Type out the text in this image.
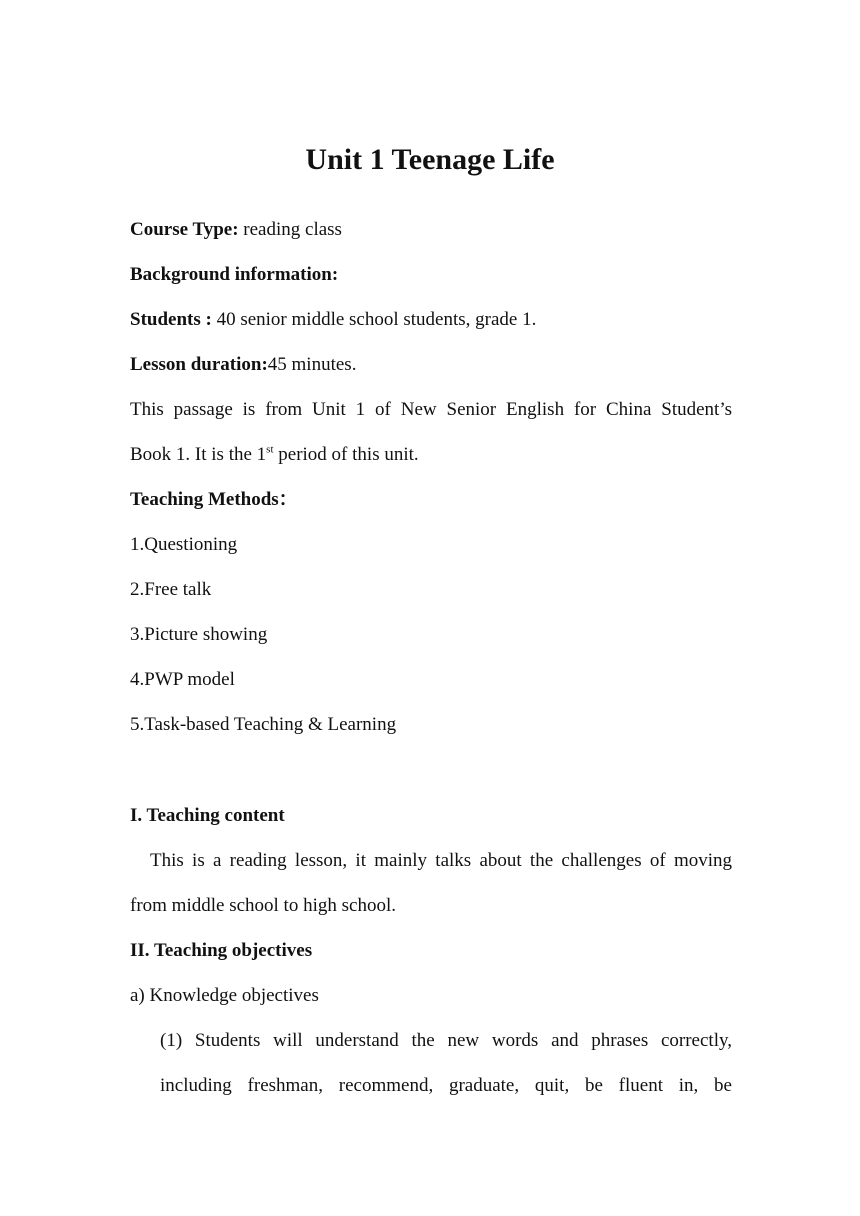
Unit 1 Teenage Life
Course Type: reading class
Background information:
Students : 40 senior middle school students, grade 1.
Lesson duration:45 minutes.
This passage is from Unit 1 of New Senior English for China Student’s
Book 1. It is the 1st period of this unit.
Teaching Methods：
1.Questioning
2.Free talk
3.Picture showing
4.PWP model
5.Task-based Teaching & Learning
I. Teaching content
This is a reading lesson, it mainly talks about the challenges of moving
from middle school to high school.
II. Teaching objectives
a) Knowledge objectives
(1) Students will understand the new words and phrases correctly,
including freshman, recommend, graduate, quit, be fluent in, be
